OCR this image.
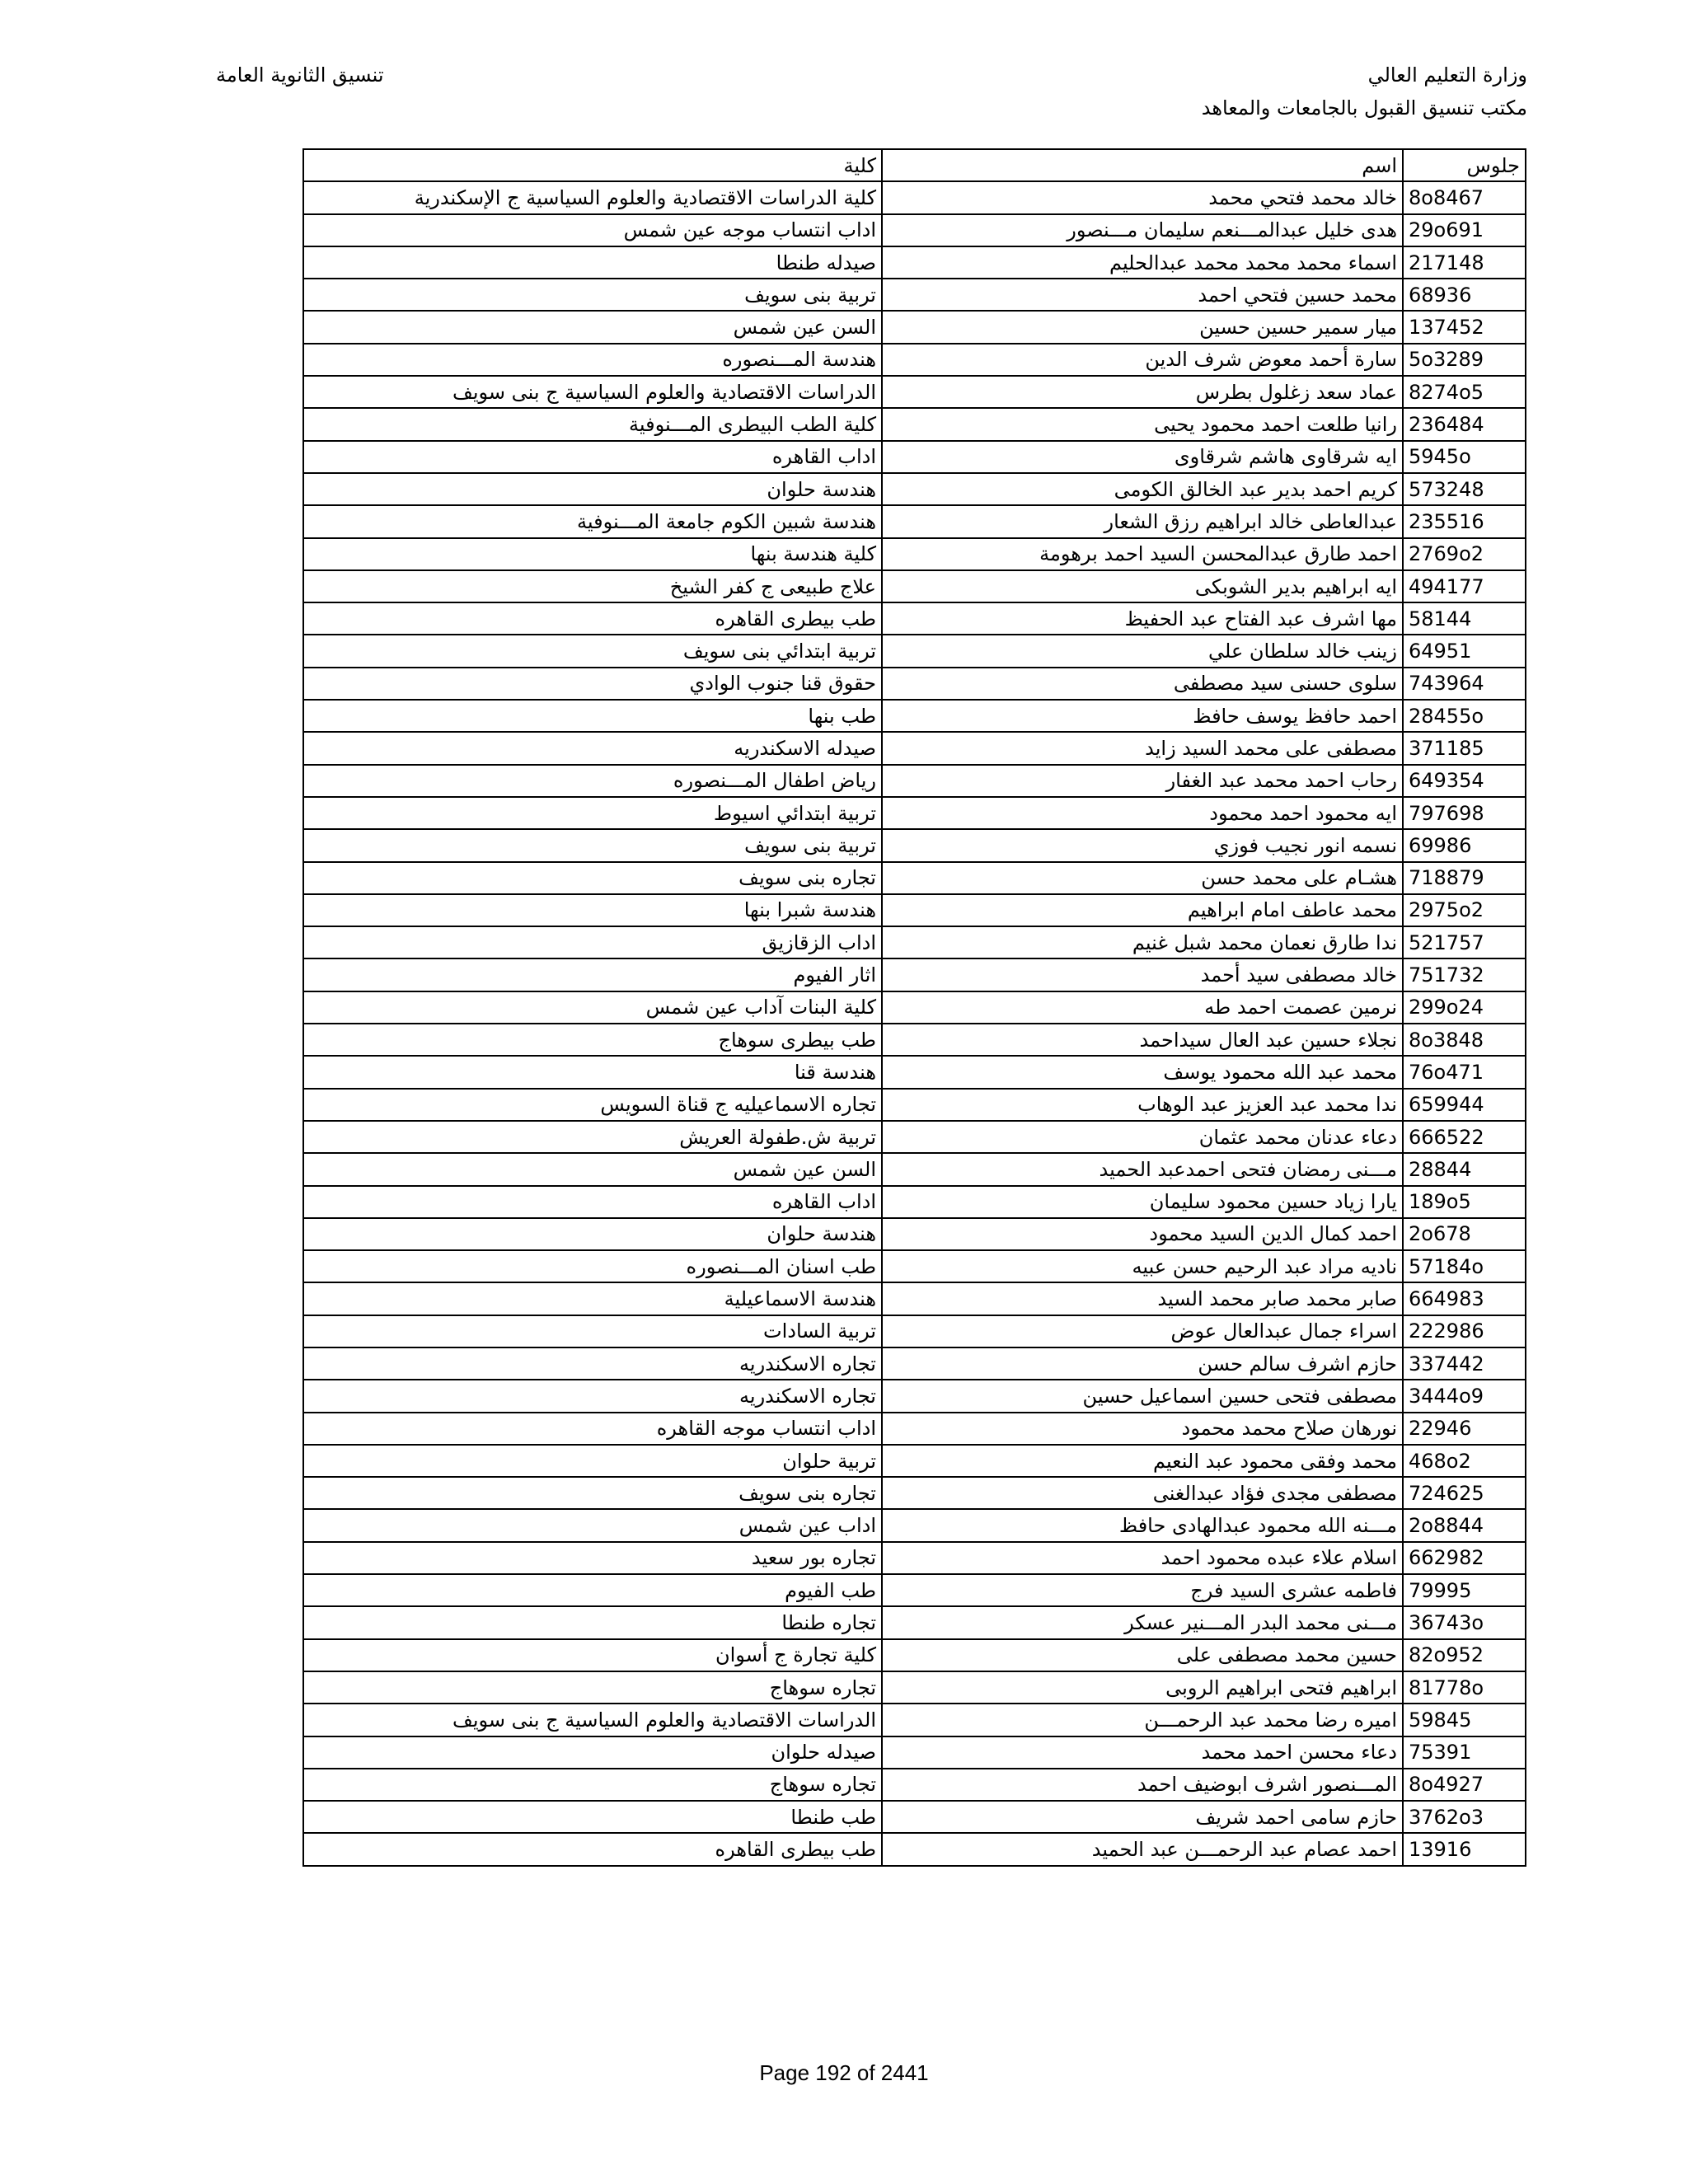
وزارة التعليم العالي
مكتب تنسيق القبول بالجامعات والمعاهد
تنسيق الثانوية العامة
جلوس	اسم	كلية
8o8467	خالد محمد فتحي محمد	كلية الدراسات الاقتصادية والعلوم السياسية ج الإسكندرية
29o691	هدى خليل عبدالمـــنعم سليمان مـــنصور	اداب انتساب موجه عين شمس
217148	اسماء محمد محمد محمد عبدالحليم	صيدله طنطا
68936	محمد حسين فتحي احمد	تربية بنى سويف
137452	ميار سمير حسين حسين	السن عين شمس
5o3289	سارة أحمد معوض شرف الدين	هندسة المـــنصوره
8274o5	عماد سعد زغلول بطرس	الدراسات الاقتصادية والعلوم السياسية ج بنى سويف
236484	رانيا طلعت احمد محمود يحيى	كلية الطب البيطرى المـــنوفية
5945o	ايه شرقاوى هاشم شرقاوى	اداب القاهره
573248	كريم احمد بدير عبد الخالق الكومى	هندسة حلوان
235516	عبدالعاطى خالد ابراهيم رزق الشعار	هندسة شبين الكوم جامعة المـــنوفية
2769o2	احمد طارق عبدالمحسن السيد احمد برهومة	كلية هندسة بنها
494177	ايه ابراهيم بدير الشوبكى	علاج طبيعى ج كفر الشيخ
58144	مها اشرف عبد الفتاح عبد الحفيظ	طب بيطرى القاهره
64951	زينب خالد سلطان علي	تربية ابتدائي بنى سويف
743964	سلوى حسنى سيد مصطفى	حقوق قنا جنوب الوادي
28455o	احمد حافظ يوسف حافظ	طب بنها
371185	مصطفى على محمد السيد زايد	صيدله الاسكندريه
649354	رحاب احمد محمد عبد الغفار	رياض اطفال المـــنصوره
797698	ايه محمود احمد محمود	تربية ابتدائي اسيوط
69986	نسمه انور نجيب فوزي	تربية بنى سويف
718879	هشـام على محمد حسن	تجاره بنى سويف
2975o2	محمد عاطف امام ابراهيم	هندسة شبرا بنها
521757	ندا طارق نعمان محمد شبل غنيم	اداب الزقازيق
751732	خالد مصطفى سيد أحمد	اثار الفيوم
299o24	نرمين عصمت احمد طه	كلية البنات آداب عين شمس
8o3848	نجلاء حسين عبد العال سيداحمد	طب بيطرى سوهاج
76o471	محمد عبد الله محمود يوسف	هندسة قنا
659944	ندا محمد عبد العزيز عبد الوهاب	تجاره الاسماعيليه ج قناة السويس
666522	دعاء عدنان محمد عثمان	تربية ش.طفولة العريش
28844	مـــنى رمضان فتحى احمدعبد الحميد	السن عين شمس
189o5	يارا زياد حسين محمود سليمان	اداب القاهره
2o678	احمد كمال الدين السيد محمود	هندسة حلوان
57184o	ناديه مراد عبد الرحيم حسن عبيه	طب اسنان المـــنصوره
664983	صابر محمد صابر محمد السيد	هندسة الاسماعيلية
222986	اسراء جمال عبدالعال عوض	تربية السادات
337442	حازم اشرف سالم حسن	تجاره الاسكندريه
3444o9	مصطفى فتحى حسين اسماعيل حسين	تجاره الاسكندريه
22946	نورهان صلاح محمد محمود	اداب انتساب موجه القاهره
468o2	محمد وفقى محمود عبد النعيم	تربية حلوان
724625	مصطفى مجدى فؤاد عبدالغنى	تجاره بنى سويف
2o8844	مـــنه الله محمود عبدالهادى حافظ	اداب عين شمس
662982	اسلام علاء عبده محمود احمد	تجاره بور سعيد
79995	فاطمه عشرى السيد فرج	طب الفيوم
36743o	مـــنى محمد البدر المـــنير عسكر	تجاره طنطا
82o952	حسين محمد مصطفى على	كلية تجارة ج أسوان
81778o	ابراهيم فتحى ابراهيم الروبى	تجاره سوهاج
59845	اميره رضا محمد عبد الرحمـــن	الدراسات الاقتصادية والعلوم السياسية ج بنى سويف
75391	دعاء محسن احمد محمد	صيدله حلوان
8o4927	المـــنصور اشرف ابوضيف احمد	تجاره سوهاج
3762o3	حازم سامى احمد شريف	طب طنطا
13916	احمد عصام عبد الرحمـــن عبد الحميد	طب بيطرى القاهره
Page 192 of 2441
